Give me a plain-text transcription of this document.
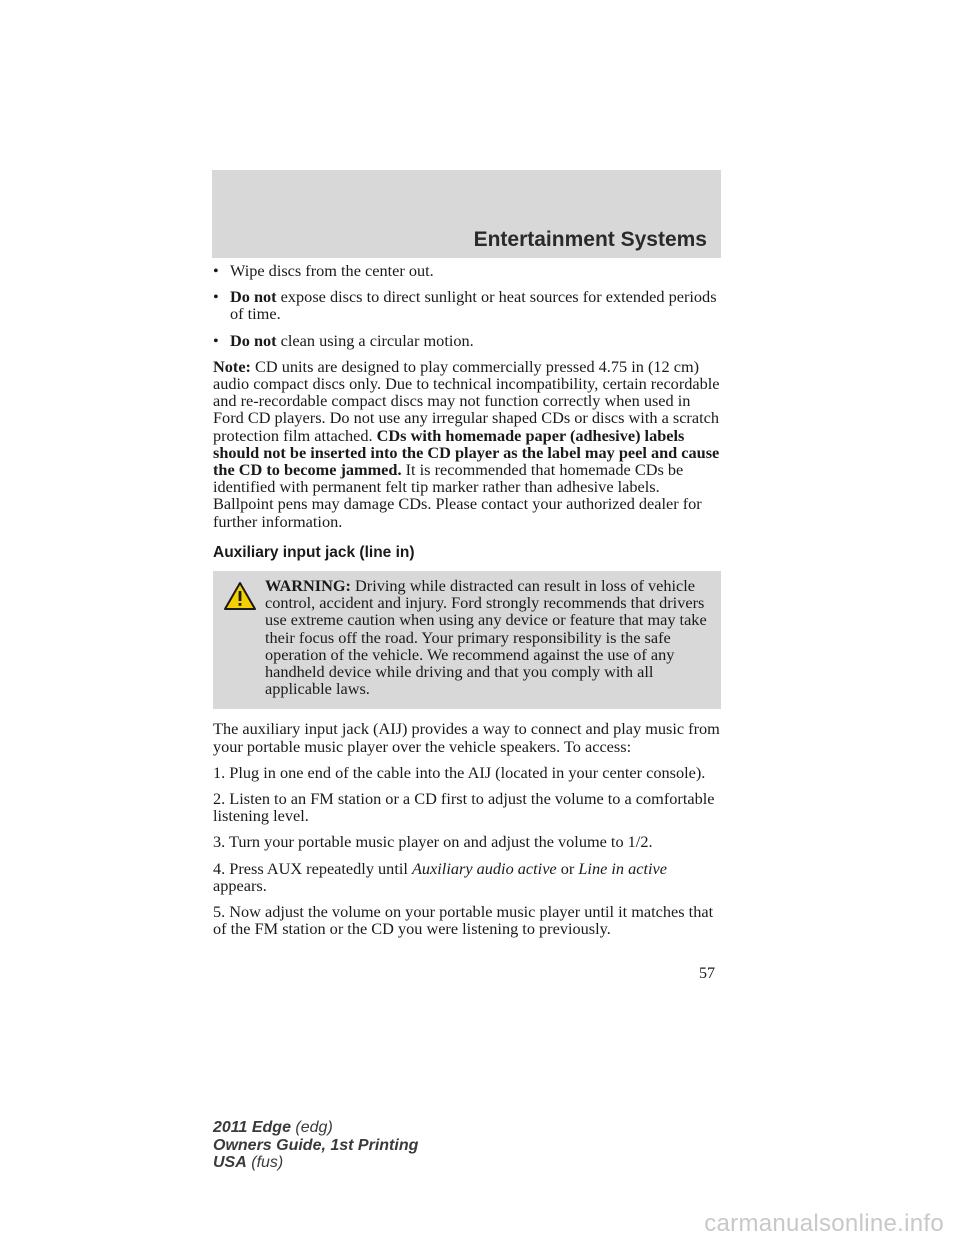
Entertainment Systems
• Wipe discs from the center out.
• Do not expose discs to direct sunlight or heat sources for extended periods of time.
• Do not clean using a circular motion.

Note: CD units are designed to play commercially pressed 4.75 in (12 cm) audio compact discs only. Due to technical incompatibility, certain recordable and re-recordable compact discs may not function correctly when used in Ford CD players. Do not use any irregular shaped CDs or discs with a scratch protection film attached. CDs with homemade paper (adhesive) labels should not be inserted into the CD player as the label may peel and cause the CD to become jammed. It is recommended that homemade CDs be identified with permanent felt tip marker rather than adhesive labels. Ballpoint pens may damage CDs. Please contact your authorized dealer for further information.

Auxiliary input jack (line in)
WARNING: Driving while distracted can result in loss of vehicle control, accident and injury. Ford strongly recommends that drivers use extreme caution when using any device or feature that may take their focus off the road. Your primary responsibility is the safe operation of the vehicle. We recommend against the use of any handheld device while driving and that you comply with all applicable laws.

The auxiliary input jack (AIJ) provides a way to connect and play music from your portable music player over the vehicle speakers. To access:

1. Plug in one end of the cable into the AIJ (located in your center console).

2. Listen to an FM station or a CD first to adjust the volume to a comfortable listening level.

3. Turn your portable music player on and adjust the volume to 1/2.

4. Press AUX repeatedly until Auxiliary audio active or Line in active appears.

5. Now adjust the volume on your portable music player until it matches that of the FM station or the CD you were listening to previously.

57
2011 Edge (edg)
Owners Guide, 1st Printing
USA (fus)
carmanualsonline.info
